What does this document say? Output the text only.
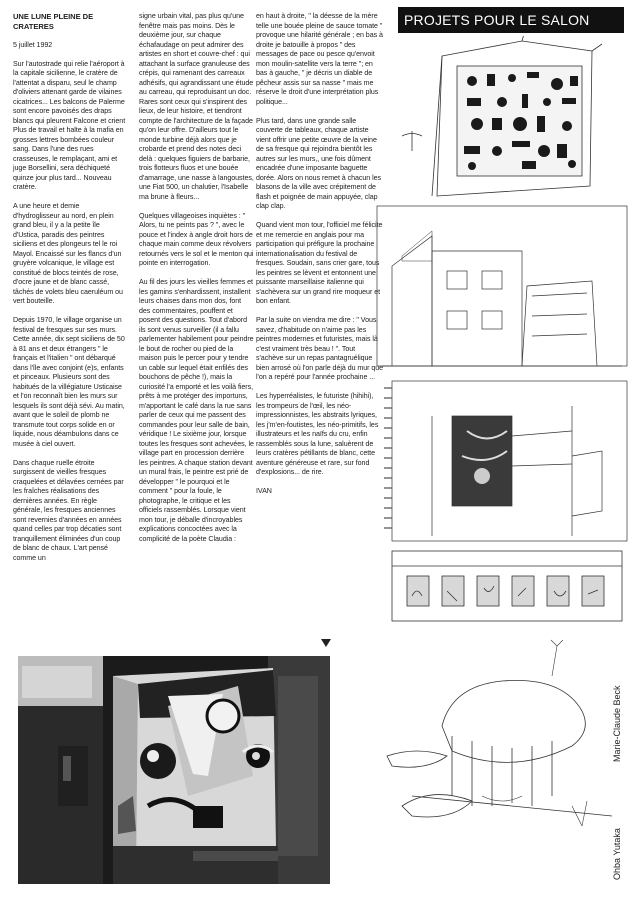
UNE LUNE PLEINE DE CRATERES

5 juillet 1992

Sur l'autostrade qui relie l'aéroport à la capitale sicilienne, le cratère de l'attentat a disparu, seul le champ d'oliviers attenant garde de vilaines cicatrices... Les balcons de Palerme sont encore pavoisés des draps blancs qui pleurent Falcone et crient Plus de travail et halte à la mafia en grosses lettres bombées couleur sang. Dans l'une des rues crasseuses, le remplaçant, ami et juge Borsellini, sera déchiqueté quinze jour plus tard... Nouveau cratère.

A une heure et demie d'hydroglisseur au nord, en plein grand bleu, il y a la petite île d'Ustica, paradis des peintres siciliens et des plongeurs tel le roi Mayol. Encaissé sur les flancs d'un gruyère volcanique, le village est constitué de blocs teintés de rose, d'ocre jaune et de blanc cassé, tâchés de volets bleu caeruléum ou vert bouteille.

Depuis 1970, le village organise un festival de fresques sur ses murs. Cette année, dix sept siciliens de 50 à 81 ans et deux étrangers " le français et l'italien " ont débarqué dans l'île avec conjoint (e)s, enfants et pinceaux. Plusieurs sont des habitués de la villégiature Usticaise et l'on reconnaît bien les murs sur lesquels ils sont déjà sévi. Au matin, avant que le soleil de plomb ne transmute tout corps solide en or liquide, nous déambulons dans ce musée à ciel ouvert.

Dans chaque ruelle étroite surgissent de vieilles fresques craquelées et délavées cernées par les fraîches réalisations des dernières années. En règle générale, les fresques anciennes sont revernies d'années en années quand celles par trop décaties sont tranquillement éliminées d'un coup de blanc de chaux. L'art pensé comme un

signe urbain vital, pas plus qu'une fenêtre mais pas moins. Dès le deuxième jour, sur chaque échafaudage on peut admirer des artistes en short et couvre-chef : qui attachant la surface granuleuse des crépis, qui ramenant des carreaux adhésifs, qui agrandissant une étude au carreau, qui reproduisant un doc. Rares sont ceux qui s'inspirent des lieux, de leur histoire, et tiendront compte de l'architecture de la façade qu'on leur offre. D'ailleurs tout le monde turbine déjà alors que je crobarde et prend des notes deci delà : quelques figuiers de barbarie, trois flotteurs fluos et une bouée d'amarrage, une nasse à langoustes, une Fiat 500, un chalutier, l'Isabelle ma brune à fleurs...

Quelques villageoises inquiètes : " Alors, tu ne peints pas ? ", avec le pouce et l'index à angle droit hors de chaque main comme deux révolvers retournés vers le sol et le menton qui pointe en interrogation.

Au fil des jours les vieilles femmes et les gamins s'enhardissent, installent leurs chaises dans mon dos, font des commentaires, pouffent et posent des questions. Tout d'abord ils sont venus surveiller (il a fallu parlementer habilement pour peindre le bout de rocher ou pied de la maison puis le percer pour y tendre un cable sur lequel était enfilés des bouchons de pêche !), mais la curiosité l'a emporté et les voilà fiers, prêts à me protéger des importuns, m'apportant le café dans la rue sans parler de ceux qui me passent des commandes pour leur salle de bain, véridique ! Le sixième jour, lorsque toutes les fresques sont achevées, le village part en procession derrière les peintres. A chaque station devant un mural frais, le peintre est prié de développer " le pourquoi et le comment " pour la foule, le photographe, le critique et les officiels rassemblés. Lorsque vient mon tour, je déballe d'incroyables explications concoctées avec la complicité de la poète Claudia :

en haut à droite, " la déesse de la mère telle une bouée pleine de sauce tomate " provoque une hilarité générale ; en bas à droite je batouille à propos " des messages de pace ou pesce qu'envoit mon moulin-satellite vers la terre "; en bas à gauche, " je décris un diable de pêcheur assis sur sa nasse " mais me réserve le droit d'une interprétation plus politique...

Plus tard, dans une grande salle couverte de tableaux, chaque artiste vient offrir une petite œuvre de la veine de sa fresque qui rejoindra bientôt les autres sur les murs,, une fois dûment encadrée d'une imposante baguette dorée. Alors on nous remet à chacun les blasons de la ville avec crépitement de flash et poignée de main appuyée, clap clap clap.

Quand vient mon tour, l'officiel me félicite et me remercie en anglais pour ma participation qui préfigure la prochaine internationalisation du festival de fresques. Soudain, sans crier gare, tous les peintres se lèvent et entonnent une puissante marseillaise italienne qui s'achèvera sur un grand rire moqueur et bon enfant.

Par la suite on viendra me dire : " Vous savez, d'habitude on n'aime pas les peintres modernes et futuristes, mais là c'est vraiment très beau ! ". Tout s'achève sur un repas pantagruélique bien arrosé où l'on parle déjà du mur que l'on a repéré pour l'année prochaine ...

Les hyperréalistes, le futuriste (hihihi), les trompeurs de l'œil, les néo-impressionnistes, les abstraits lyriques, les j'm'en-foutistes, les néo-primitifs, les illustrateurs et les naïfs du cru, enfin rassemblés sous la lune, saluèrent de leurs cratères pétillants de blanc, cette aventure généreuse et rare, sur fond d'explosions... de rire.

IVAN

PROJETS POUR LE SALON
Marie-Claude Beck
Ohba Yutaka
